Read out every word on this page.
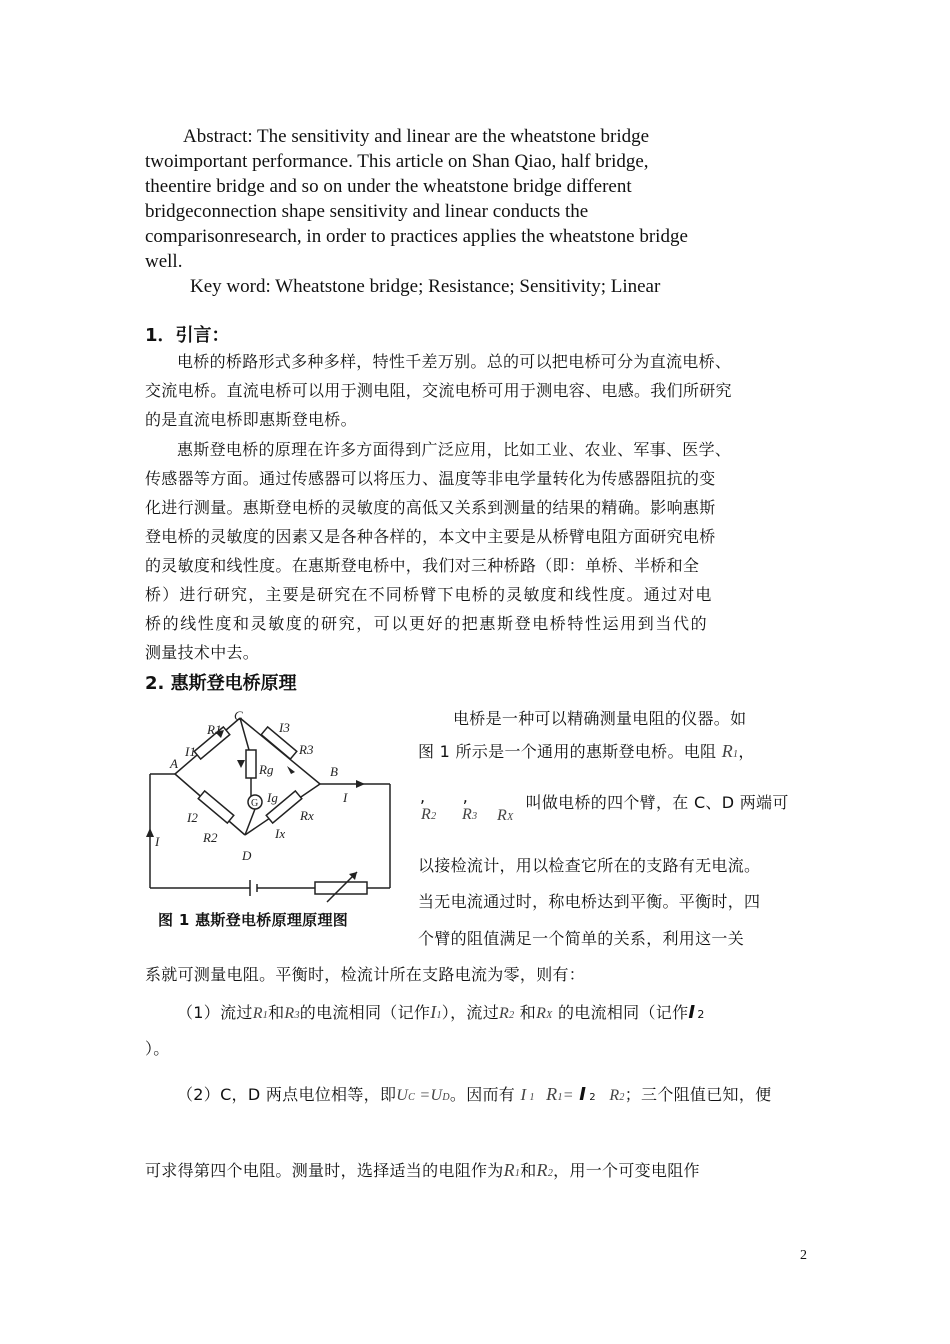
Abstract: The sensitivity and linear are the wheatstone bridge
twoimportant performance. This article on Shan Qiao, half bridge,
theentire bridge and so on under the wheatstone bridge different
bridgeconnection shape sensitivity and linear conducts the
comparisonresearch, in order to practices applies the wheatstone bridge
well.
Key word: Wheatstone bridge; Resistance; Sensitivity; Linear
1．引言：
电桥的桥路形式多种多样，特性千差万别。总的可以把电桥可分为直流电桥、
交流电桥。直流电桥可以用于测电阻，交流电桥可用于测电容、电感。我们所研究
的是直流电桥即惠斯登电桥。
惠斯登电桥的原理在许多方面得到广泛应用，比如工业、农业、军事、医学、
传感器等方面。通过传感器可以将压力、温度等非电学量转化为传感器阻抗的变
化进行测量。惠斯登电桥的灵敏度的高低又关系到测量的结果的精确。影响惠斯
登电桥的灵敏度的因素又是各种各样的，本文中主要是从桥臂电阻方面研究电桥
的灵敏度和线性度。在惠斯登电桥中，我们对三种桥路（即：单桥、半桥和全
桥）进行研究，主要是研究在不同桥臂下电桥的灵敏度和线性度。通过对电
桥的线性度和灵敏度的研究，可以更好的把惠斯登电桥特性运用到当代的
测量技术中去。
2. 惠斯登电桥原理
C
A
B
D
R1
R2
R3
Rx
Rg
I1
I2
I3
Ix
Ig	I
I
G
图 1 惠斯登电桥原理原理图
电桥是一种可以精确测量电阻的仪器。如
图 1 所示是一个通用的惠斯登电桥。电阻 R1，
, ,
R2 R3 RX
叫做电桥的四个臂，在 C、D 两端可
以接检流计，用以检查它所在的支路有无电流。
当无电流通过时，称电桥达到平衡。平衡时，四
个臂的阻值满足一个简单的关系，利用这一关
系就可测量电阻。平衡时，检流计所在支路电流为零，则有：
（1）流过R1和R3的电流相同（记作I1），流过R2 和RX 的电流相同（记作I 2
）。
（2）C，D 两点电位相等，即UC =UD。因而有 I 1 R1= I 2 R2；三个阻值已知，便
可求得第四个电阻。测量时，选择适当的电阻作为R1和R2，用一个可变电阻作
2
